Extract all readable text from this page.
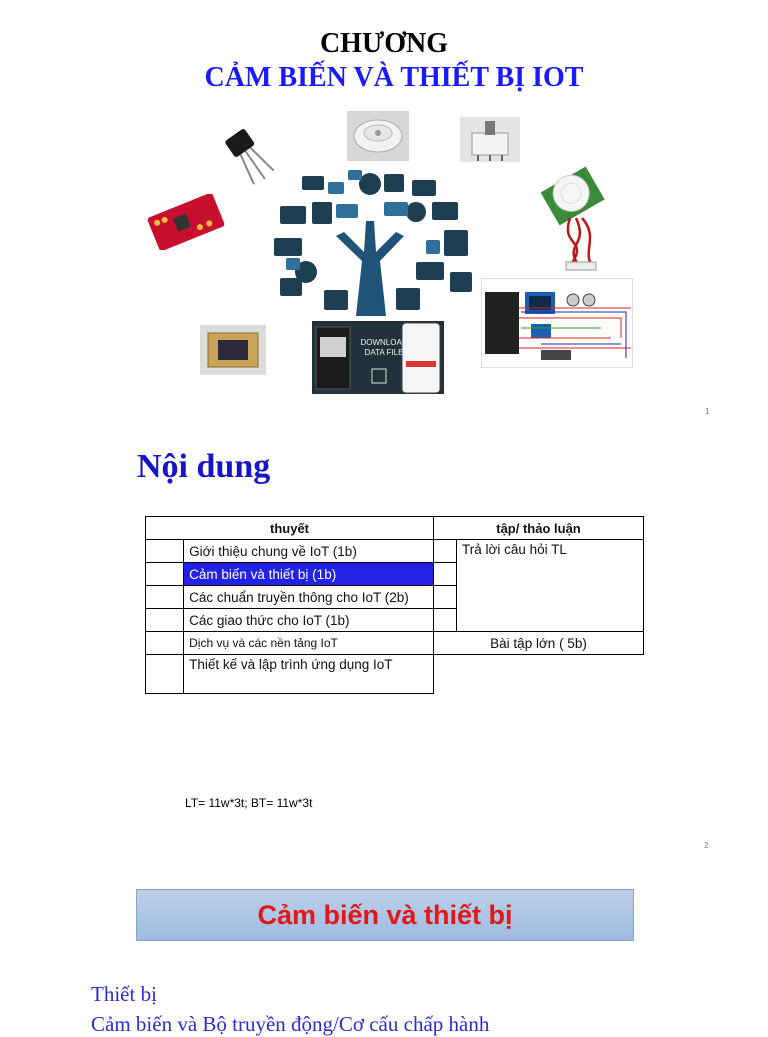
CHƯƠNG
CẢM BIẾN VÀ THIẾT BỊ IOT
DOWNLOAD
DATA FILE
1
Nội dung
thuyết		tập/ thảo luận	
	Giới thiệu chung về IoT (1b)		Trả lời câu hỏi TL
	Cảm biến và thiết bị (1b)		
	Các chuẩn truyền thông cho IoT (2b)		
	Các giao thức cho IoT (1b)		
	Dịch vụ và các nền tảng IoT	Bài tập lớn ( 5b)	
	Thiết kế và lập trình ứng dụng IoT		
LT= 11w*3t; BT= 11w*3t
2
Cảm biến và thiết bị
Thiết bị
Cảm biến và Bộ truyền động/Cơ cấu chấp hành
